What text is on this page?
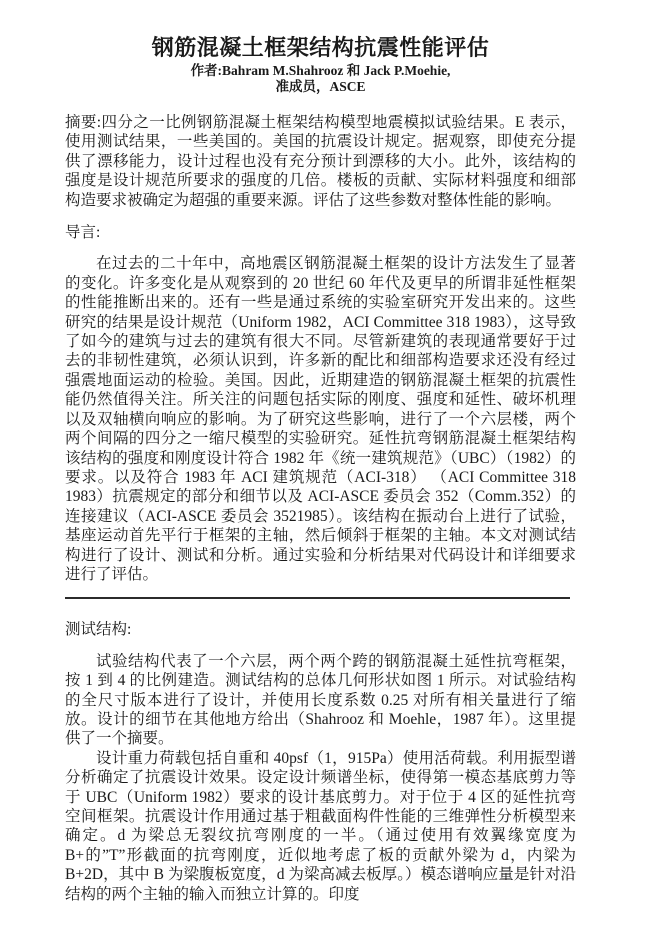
钢筋混凝土框架结构抗震性能评估
作者:Bahram M.Shahrooz 和 Jack P.Moehie,
准成员，ASCE

摘要:四分之一比例钢筋混凝土框架结构模型地震模拟试验结果。E 表示，使用测试结果，一些美国的。美国的抗震设计规定。据观察，即使充分提供了漂移能力，设计过程也没有充分预计到漂移的大小。此外，该结构的强度是设计规范所要求的强度的几倍。楼板的贡献、实际材料强度和细部构造要求被确定为超强的重要来源。评估了这些参数对整体性能的影响。

导言:

在过去的二十年中，高地震区钢筋混凝土框架的设计方法发生了显著的变化。许多变化是从观察到的 20 世纪 60 年代及更早的所谓非延性框架的性能推断出来的。还有一些是通过系统的实验室研究开发出来的。这些研究的结果是设计规范（Uniform 1982，ACI Committee 318 1983），这导致了如今的建筑与过去的建筑有很大不同。尽管新建筑的表现通常要好于过去的非韧性建筑，必须认识到，许多新的配比和细部构造要求还没有经过强震地面运动的检验。美国。因此，近期建造的钢筋混凝土框架的抗震性能仍然值得关注。所关注的问题包括实际的刚度、强度和延性、破坏机理以及双轴横向响应的影响。为了研究这些影响，进行了一个六层楼，两个两个间隔的四分之一缩尺模型的实验研究。延性抗弯钢筋混凝土框架结构该结构的强度和刚度设计符合 1982 年《统一建筑规范》（UBC）（1982）的要求。以及符合 1983 年 ACI 建筑规范（ACI-318） （ACI Committee 318 1983）抗震规定的部分和细节以及 ACI-ASCE 委员会 352（Comm.352）的连接建议（ACI-ASCE 委员会 3521985）。该结构在振动台上进行了试验，基座运动首先平行于框架的主轴，然后倾斜于框架的主轴。本文对测试结构进行了设计、测试和分析。通过实验和分析结果对代码设计和详细要求进行了评估。

测试结构:

试验结构代表了一个六层，两个两个跨的钢筋混凝土延性抗弯框架，按 1 到 4 的比例建造。测试结构的总体几何形状如图 1 所示。对试验结构的全尺寸版本进行了设计，并使用长度系数 0.25 对所有相关量进行了缩放。设计的细节在其他地方给出（Shahrooz 和 Moehle，1987 年）。这里提供了一个摘要。

设计重力荷载包括自重和 40psf（1，915Pa）使用活荷载。利用振型谱分析确定了抗震设计效果。设定设计频谱坐标，使得第一模态基底剪力等于 UBC（Uniform 1982）要求的设计基底剪力。对于位于 4 区的延性抗弯空间框架。抗震设计作用通过基于粗截面构件性能的三维弹性分析模型来确定。d 为梁总无裂纹抗弯刚度的一半。（通过使用有效翼缘宽度为 B+的”T”形截面的抗弯刚度，近似地考虑了板的贡献外梁为 d，内梁为 B+2D，其中 B 为梁腹板宽度，d 为梁高减去板厚。）模态谱响应量是针对沿结构的两个主轴的输入而独立计算的。印度
